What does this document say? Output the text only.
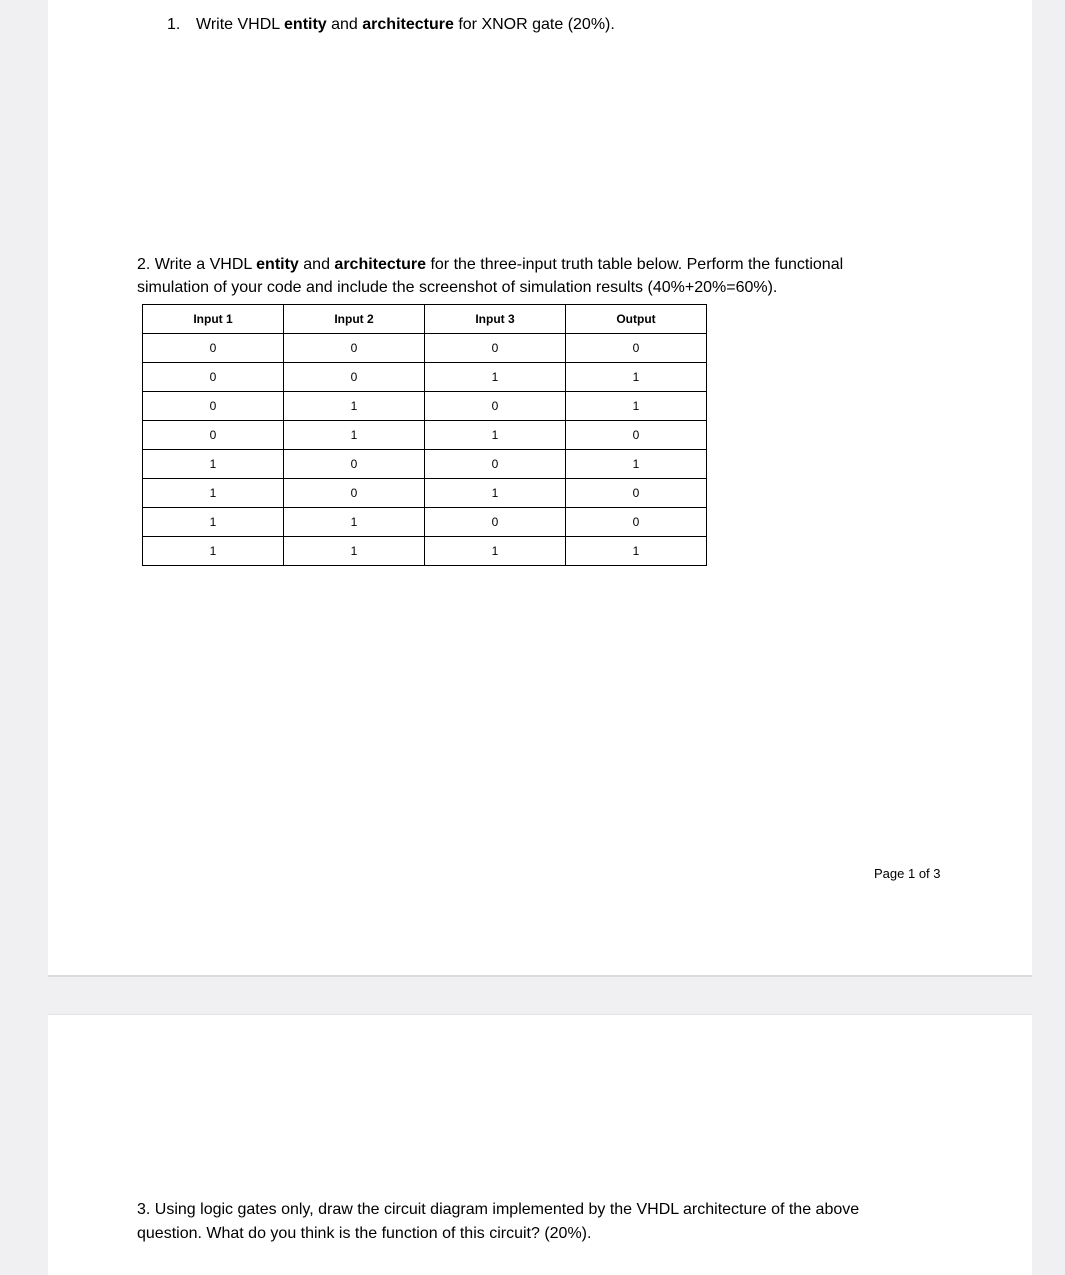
1. Write VHDL entity and architecture for XNOR gate (20%).

2. Write a VHDL entity and architecture for the three-input truth table below. Perform the functional

simulation of your code and include the screenshot of simulation results (40%+20%=60%).

Input 1	Input 2	Input 3	Output
0	0	0	0
0	0	1	1
0	1	0	1
0	1	1	0
1	0	0	1
1	0	1	0
1	1	0	0
1	1	1	1
Page 1 of 3

3. Using logic gates only, draw the circuit diagram implemented by the VHDL architecture of the above

question. What do you think is the function of this circuit? (20%).
